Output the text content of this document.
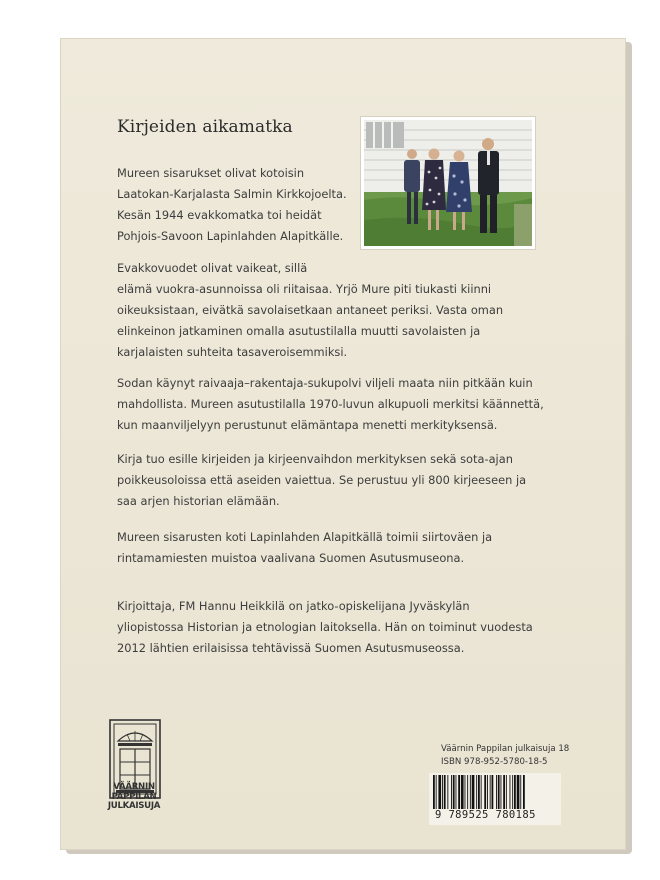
Kirjeiden aikamatka

Mureen sisarukset olivat kotoisin
Laatokan-Karjalasta Salmin Kirkkojoelta.
Kesän 1944 evakkomatka toi heidät
Pohjois-Savoon Lapinlahden Alapitkälle.

Evakkovuodet olivat vaikeat, sillä
elämä vuokra-asunnoissa oli riitaisaa. Yrjö Mure piti tiukasti kiinni
oikeuksistaan, eivätkä savolaisetkaan antaneet periksi. Vasta oman
elinkeinon jatkaminen omalla asutustilalla muutti savolaisten ja
karjalaisten suhteita tasaveroisemmiksi.

Sodan käynyt raivaaja–rakentaja-sukupolvi viljeli maata niin pitkään kuin
mahdollista. Mureen asutustilalla 1970-luvun alkupuoli merkitsi käännettä,
kun maanviljelyyn perustunut elämäntapa menetti merkityksensä.

Kirja tuo esille kirjeiden ja kirjeenvaihdon merkityksen sekä sota-ajan
poikkeusoloissa että aseiden vaiettua. Se perustuu yli 800 kirjeeseen ja
saa arjen historian elämään.

Mureen sisarusten koti Lapinlahden Alapitkällä toimii siirtoväen ja
rintamamiesten muistoa vaalivana Suomen Asutusmuseona.

Kirjoittaja, FM Hannu Heikkilä on jatko-opiskelijana Jyväskylän
yliopistossa Historian ja etnologian laitoksella. Hän on toiminut vuodesta
2012 lähtien erilaisissa tehtävissä Suomen Asutusmuseossa.

VÄÄRNIN
PAPPILAN
JULKAISUJA
Väärnin Pappilan julkaisuja 18
ISBN 978-952-5780-18-5
9 789525 780185
